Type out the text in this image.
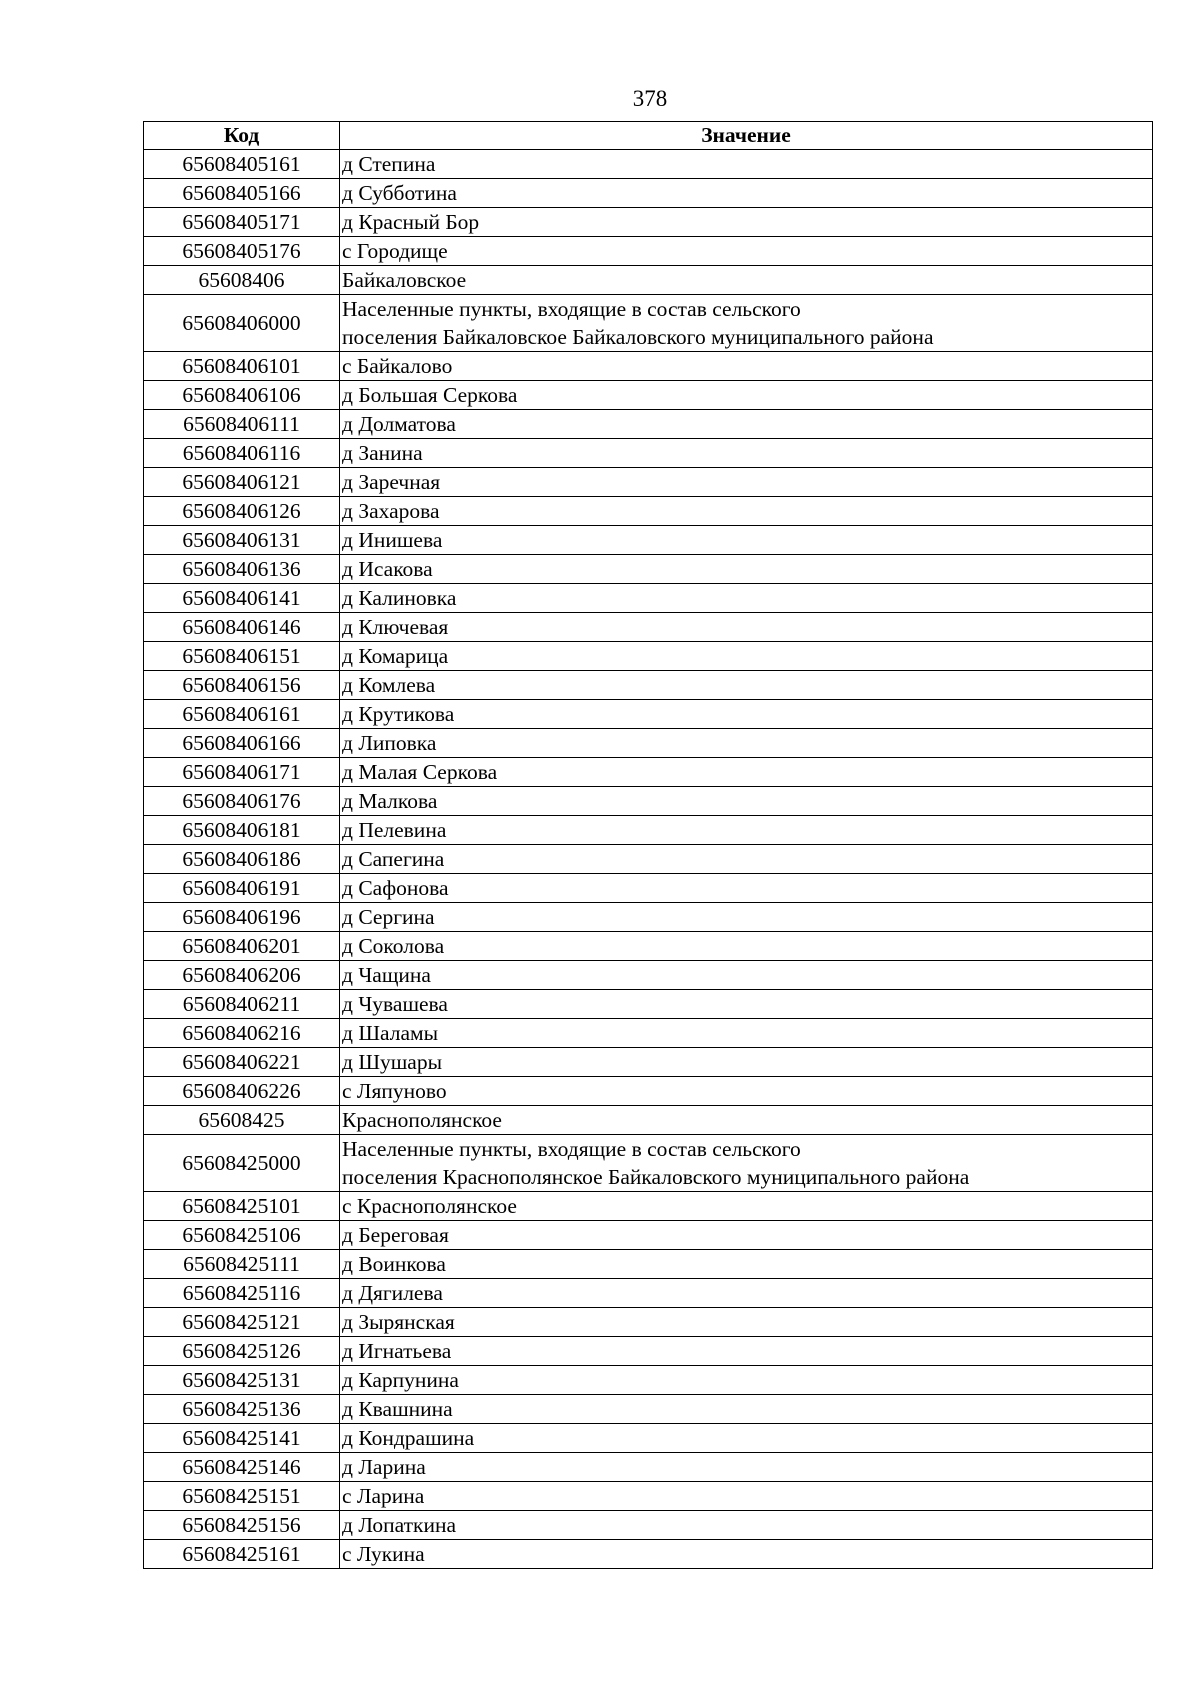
378
Код	Значение
65608405161	д Степина
65608405166	д Субботина
65608405171	д Красный Бор
65608405176	с Городище
65608406	Байкаловское
65608406000	Населенные пункты, входящие в состав сельского
поселения Байкаловское Байкаловского муниципального района

65608406101	с Байкалово
65608406106	д Большая Серкова
65608406111	д Долматова
65608406116	д Занина
65608406121	д Заречная
65608406126	д Захарова
65608406131	д Инишева
65608406136	д Исакова
65608406141	д Калиновка
65608406146	д Ключевая
65608406151	д Комарица
65608406156	д Комлева
65608406161	д Крутикова
65608406166	д Липовка
65608406171	д Малая Серкова
65608406176	д Малкова
65608406181	д Пелевина
65608406186	д Сапегина
65608406191	д Сафонова
65608406196	д Сергина
65608406201	д Соколова
65608406206	д Чащина
65608406211	д Чувашева
65608406216	д Шаламы
65608406221	д Шушары
65608406226	с Ляпуново
65608425	Краснополянское
65608425000	Населенные пункты, входящие в состав сельского
поселения Краснополянское Байкаловского муниципального района

65608425101	с Краснополянское
65608425106	д Береговая
65608425111	д Воинкова
65608425116	д Дягилева
65608425121	д Зырянская
65608425126	д Игнатьева
65608425131	д Карпунина
65608425136	д Квашнина
65608425141	д Кондрашина
65608425146	д Ларина
65608425151	с Ларина
65608425156	д Лопаткина
65608425161	с Лукина
